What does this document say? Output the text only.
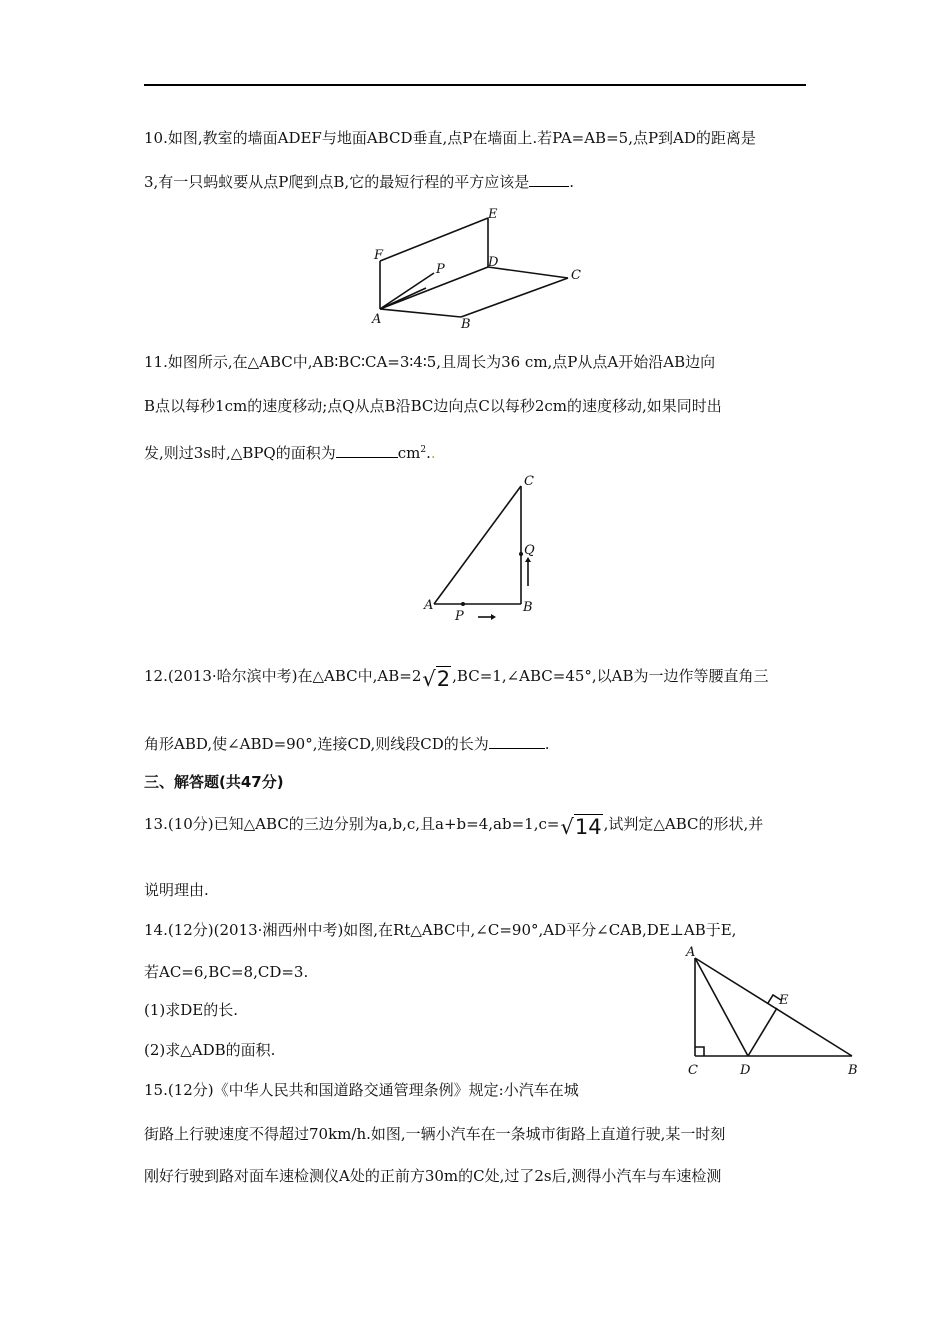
10.如图,教室的墙面ADEF与地面ABCD垂直,点P在墙面上.若PA=AB=5,点P到AD的距离是
3,有一只蚂蚁要从点P爬到点B,它的最短行程的平方应该是	.
E
F
P	D
C
A	B
11.如图所示,在△ABC中,AB∶BC∶CA=3∶4∶5,且周长为36 cm,点P从点A开始沿AB边向
B点以每秒1cm的速度移动;点Q从点B沿BC边向点C以每秒2cm的速度移动,如果同时出
发,则过3s时,△BPQ的面积为	$cm^2$..
C
Q
A
P
B
12.(2013·哈尔滨中考)在△ABC中,AB=2√2 ,BC=1,∠ABC=45°,以AB为一边作等腰直角三
角形ABD,使∠ABD=90°,连接CD,则线段CD的长为	.
三、解答题(共47分)
13.(10分)已知△ABC的三边分别为a,b,c,且a+b=4,ab=1,c=√14 ,试判定△ABC的形状,并
说明理由.
14.(12分)(2013·湘西州中考)如图,在Rt△ABC中,∠C=90°,AD平分∠CAB,DE⊥AB于E,
若AC=6,BC=8,CD=3.
(1)求DE的长.
(2)求△ADB的面积.
A
E
C	D	B
15.(12分)《中华人民共和国道路交通管理条例》规定:小汽车在城
街路上行驶速度不得超过70km/h.如图,一辆小汽车在一条城市街路上直道行驶,某一时刻
刚好行驶到路对面车速检测仪A处的正前方30m的C处,过了2s后,测得小汽车与车速检测
